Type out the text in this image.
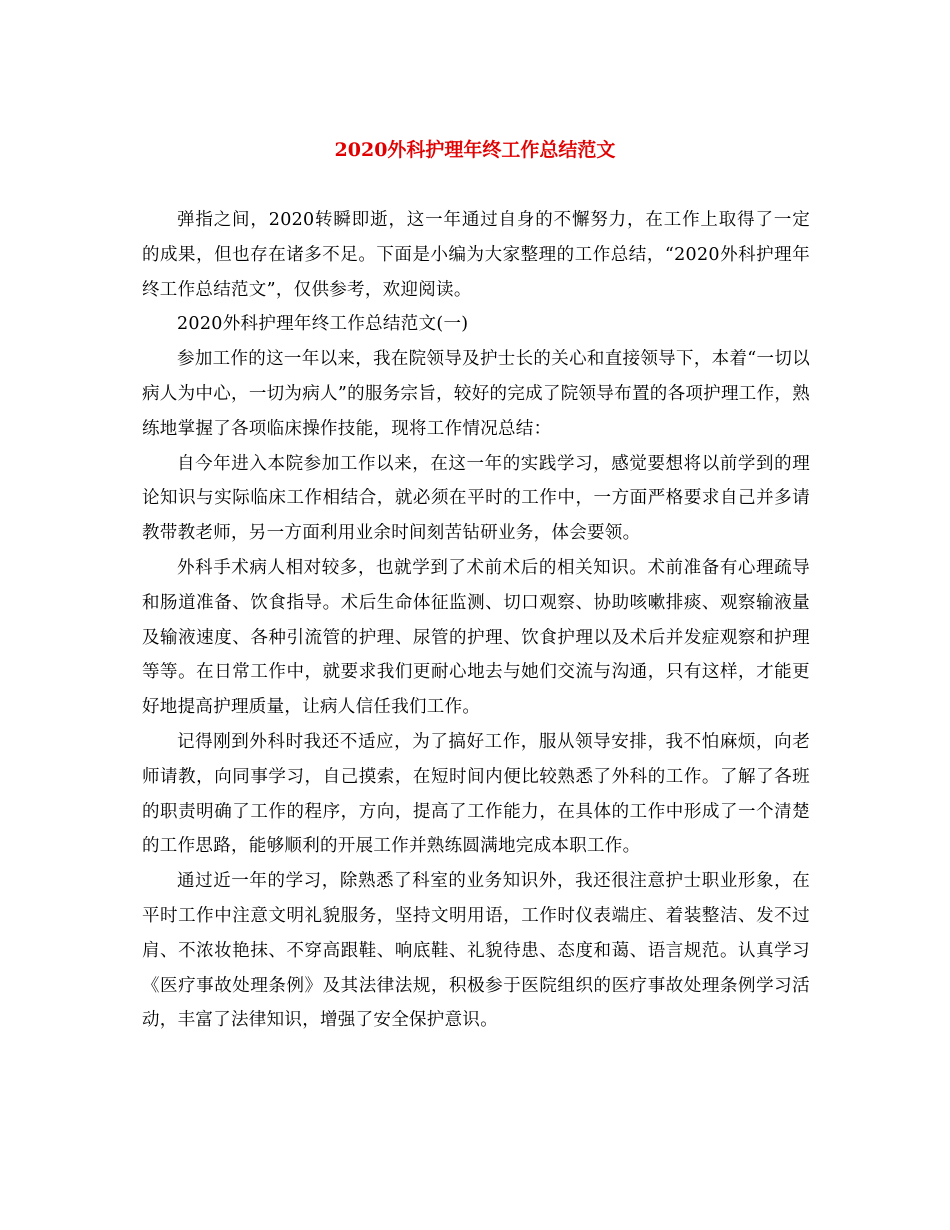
2020外科护理年终工作总结范文

弹指之间，2020转瞬即逝，这一年通过自身的不懈努力，在工作上取得了一定的成果，但也存在诸多不足。下面是小编为大家整理的工作总结，“2020外科护理年终工作总结范文”，仅供参考，欢迎阅读。

2020外科护理年终工作总结范文(一)

参加工作的这一年以来，我在院领导及护士长的关心和直接领导下，本着“一切以病人为中心，一切为病人”的服务宗旨，较好的完成了院领导布置的各项护理工作，熟练地掌握了各项临床操作技能，现将工作情况总结：

自今年进入本院参加工作以来，在这一年的实践学习，感觉要想将以前学到的理论知识与实际临床工作相结合，就必须在平时的工作中，一方面严格要求自己并多请教带教老师，另一方面利用业余时间刻苦钻研业务，体会要领。

外科手术病人相对较多，也就学到了术前术后的相关知识。术前准备有心理疏导和肠道准备、饮食指导。术后生命体征监测、切口观察、协助咳嗽排痰、观察输液量及输液速度、各种引流管的护理、尿管的护理、饮食护理以及术后并发症观察和护理等等。在日常工作中，就要求我们更耐心地去与她们交流与沟通，只有这样，才能更好地提高护理质量，让病人信任我们工作。

记得刚到外科时我还不适应，为了搞好工作，服从领导安排，我不怕麻烦，向老师请教，向同事学习，自己摸索，在短时间内便比较熟悉了外科的工作。了解了各班的职责明确了工作的程序，方向，提高了工作能力，在具体的工作中形成了一个清楚的工作思路，能够顺利的开展工作并熟练圆满地完成本职工作。

通过近一年的学习，除熟悉了科室的业务知识外，我还很注意护士职业形象，在平时工作中注意文明礼貌服务，坚持文明用语，工作时仪表端庄、着装整洁、发不过肩、不浓妆艳抹、不穿高跟鞋、响底鞋、礼貌待患、态度和蔼、语言规范。认真学习《医疗事故处理条例》及其法律法规，积极参于医院组织的医疗事故处理条例学习活动，丰富了法律知识，增强了安全保护意识。
